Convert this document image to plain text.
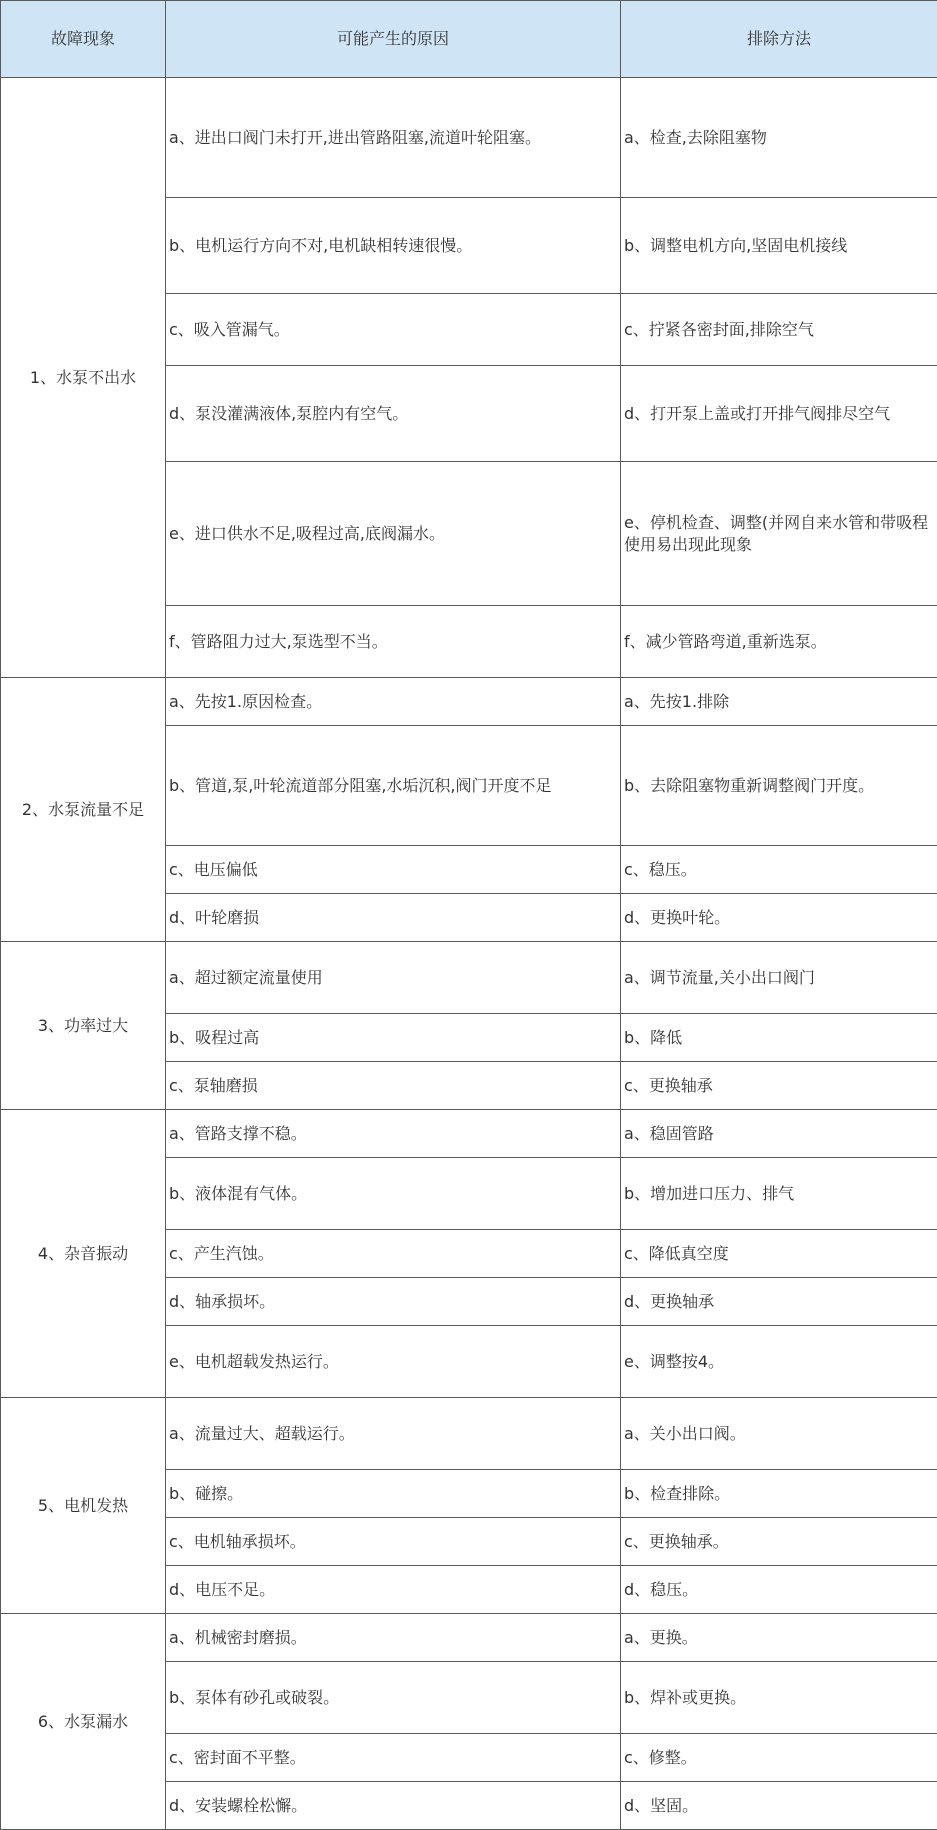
故障现象	可能产生的原因	排除方法
1、水泵不出水	a、进出口阀门未打开,进出管路阻塞,流道叶轮阻塞。	a、检查,去除阻塞物
	b、电机运行方向不对,电机缺相转速很慢。	b、调整电机方向,坚固电机接线
	c、吸入管漏气。	c、拧紧各密封面,排除空气
	d、泵没灌满液体,泵腔内有空气。	d、打开泵上盖或打开排气阀排尽空气
	e、进口供水不足,吸程过高,底阀漏水。	e、停机检查、调整(并网自来水管和带吸程使用易出现此现象
	f、管路阻力过大,泵选型不当。	f、减少管路弯道,重新选泵。
2、水泵流量不足	a、先按1.原因检查。	a、先按1.排除
	b、管道,泵,叶轮流道部分阻塞,水垢沉积,阀门开度不足	b、去除阻塞物重新调整阀门开度。
	c、电压偏低	c、稳压。
	d、叶轮磨损	d、更换叶轮。
3、功率过大	a、超过额定流量使用	a、调节流量,关小出口阀门
	b、吸程过高	b、降低
	c、泵轴磨损	c、更换轴承
4、杂音振动	a、管路支撑不稳。	a、稳固管路
	b、液体混有气体。	b、增加进口压力、排气
	c、产生汽蚀。	c、降低真空度
	d、轴承损坏。	d、更换轴承
	e、电机超载发热运行。	e、调整按4。
5、电机发热	a、流量过大、超载运行。	a、关小出口阀。
	b、碰擦。	b、检查排除。
	c、电机轴承损坏。	c、更换轴承。
	d、电压不足。	d、稳压。
6、水泵漏水	a、机械密封磨损。	a、更换。
	b、泵体有砂孔或破裂。	b、焊补或更换。
	c、密封面不平整。	c、修整。
	d、安装螺栓松懈。	d、坚固。
